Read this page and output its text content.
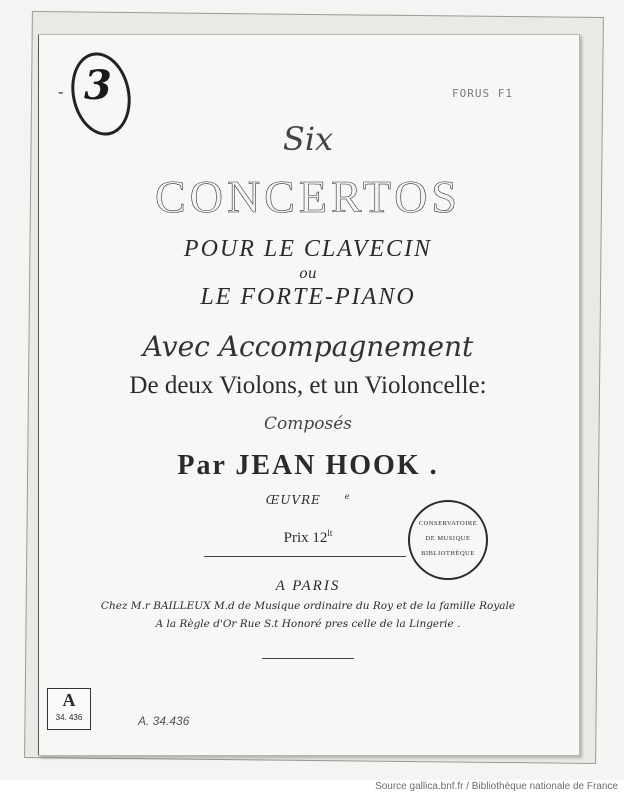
- 3	FORUS F1
Six
CONCERTOS
POUR LE CLAVECIN
ou
LE FORTE-PIANO
Avec Accompagnement
De deux Violons, et un Violoncelle:
Composés
Par JEAN HOOK .
ŒUVRE	$^e$
Prix $12^{lt}$
A PARIS
Chez M.r BAILLEUX M.d de Musique ordinaire du Roy et de la famille Royale
A la Règle d'Or Rue S.t Honoré pres celle de la Lingerie .
CONSERVATOIRE
DE MUSIQUE
BIBLIOTHÈQUE
A
34. 436	A. 34.436
Source gallica.bnf.fr / Bibliothèque nationale de France
